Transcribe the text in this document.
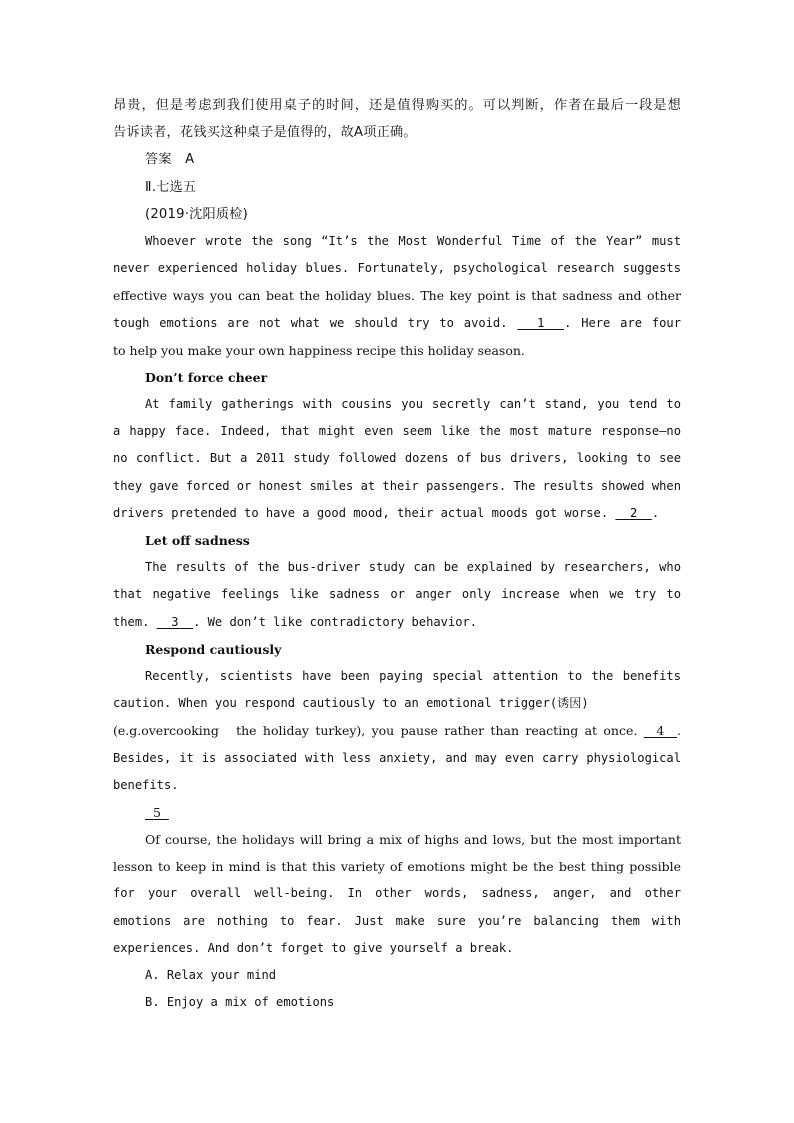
昂贵，但是考虑到我们使用桌子的时间，还是值得购买的。可以判断，作者在最后一段是想
告诉读者，花钱买这种桌子是值得的，故A项正确。
答案　A
Ⅱ.七选五
(2019·沈阳质检)
Whoever wrote the song “It’s the Most Wonderful Time of the Year” must
never experienced holiday blues. Fortunately, psychological research suggests
effective ways you can beat the holiday blues. The key point is that sadness and other
tough emotions are not what we should try to avoid.   1  . Here are four
to help you make your own happiness recipe this holiday season.
Don’t force cheer
At family gatherings with cousins you secretly can’t stand, you tend to
a happy face. Indeed, that might even seem like the most mature response—no
no conflict. But a 2011 study followed dozens of bus drivers, looking to see
they gave forced or honest smiles at their passengers. The results showed when
drivers pretended to have a good mood, their actual moods got worse.   2  .
Let off sadness
The results of the bus-driver study can be explained by researchers, who
that negative feelings like sadness or anger only increase when we try to
them.   3  . We don’t like contradictory behavior.
Respond cautiously
Recently, scientists have been paying special attention to the benefits
caution. When you respond cautiously to an emotional trigger(诱因)
(e.g.overcooking　the holiday turkey), you pause rather than reacting at once.   4  .
Besides, it is associated with less anxiety, and may even carry physiological
benefits.
5
Of course, the holidays will bring a mix of highs and lows, but the most important
lesson to keep in mind is that this variety of emotions might be the best thing possible
for your overall well-being. In other words, sadness, anger, and other
emotions are nothing to fear. Just make sure you’re balancing them with
experiences. And don’t forget to give yourself a break.
A. Relax your mind
B. Enjoy a mix of emotions
